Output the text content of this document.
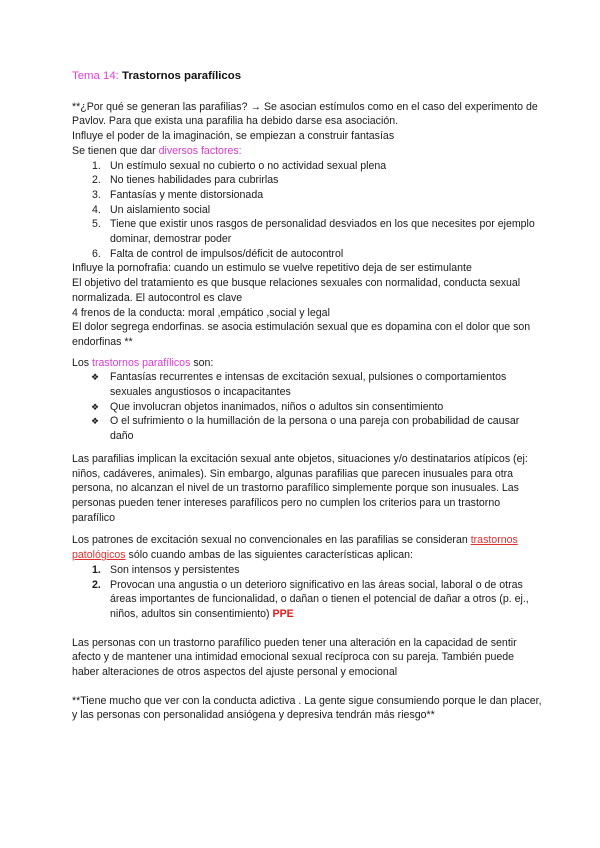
Tema 14: Trastornos parafílicos

**¿Por qué se generan las parafilias? → Se asocian estímulos como en el caso del experimento de Pavlov. Para que exista una parafilia ha debido darse esa asociación.

Influye el poder de la imaginación, se empiezan a construir fantasías

Se tienen que dar diversos factores:

1. Un estímulo sexual no cubierto o no actividad sexual plena
2. No tienes habilidades para cubrirlas
3. Fantasías y mente distorsionada
4. Un aislamiento social
5. Tiene que existir unos rasgos de personalidad desviados en los que necesites por ejemplo dominar, demostrar poder
6. Falta de control de impulsos/déficit de autocontrol

Influye la pornofrafia: cuando un estimulo se vuelve repetitivo deja de ser estimulante

El objetivo del tratamiento es que busque relaciones sexuales con normalidad, conducta sexual normalizada. El autocontrol es clave

4 frenos de la conducta: moral ,empático ,social y legal

El dolor segrega endorfinas. se asocia estimulación sexual que es dopamina con el dolor que son endorfinas **

Los trastornos parafílicos son:

❖ Fantasías recurrentes e intensas de excitación sexual, pulsiones o comportamientos sexuales angustiosos o incapacitantes
❖ Que involucran objetos inanimados, niños o adultos sin consentimiento
❖ O el sufrimiento o la humillación de la persona o una pareja con probabilidad de causar daño

Las parafilias implican la excitación sexual ante objetos, situaciones y/o destinatarios atípicos (ej: niños, cadáveres, animales). Sin embargo, algunas parafilias que parecen inusuales para otra persona, no alcanzan el nivel de un trastorno parafílico simplemente porque son inusuales. Las personas pueden tener intereses parafílicos pero no cumplen los criterios para un trastorno parafílico

Los patrones de excitación sexual no convencionales en las parafilias se consideran trastornos patológicos sólo cuando ambas de las siguientes características aplican:

1. Son intensos y persistentes
2. Provocan una angustia o un deterioro significativo en las áreas social, laboral o de otras áreas importantes de funcionalidad, o dañan o tienen el potencial de dañar a otros (p. ej., niños, adultos sin consentimiento) PPE

Las personas con un trastorno parafílico pueden tener una alteración en la capacidad de sentir afecto y de mantener una intimidad emocional sexual recíproca con su pareja. También puede haber alteraciones de otros aspectos del ajuste personal y emocional

**Tiene mucho que ver con la conducta adictiva . La gente sigue consumiendo porque le dan placer, y las personas con personalidad ansiógena y depresiva tendrán más riesgo**
